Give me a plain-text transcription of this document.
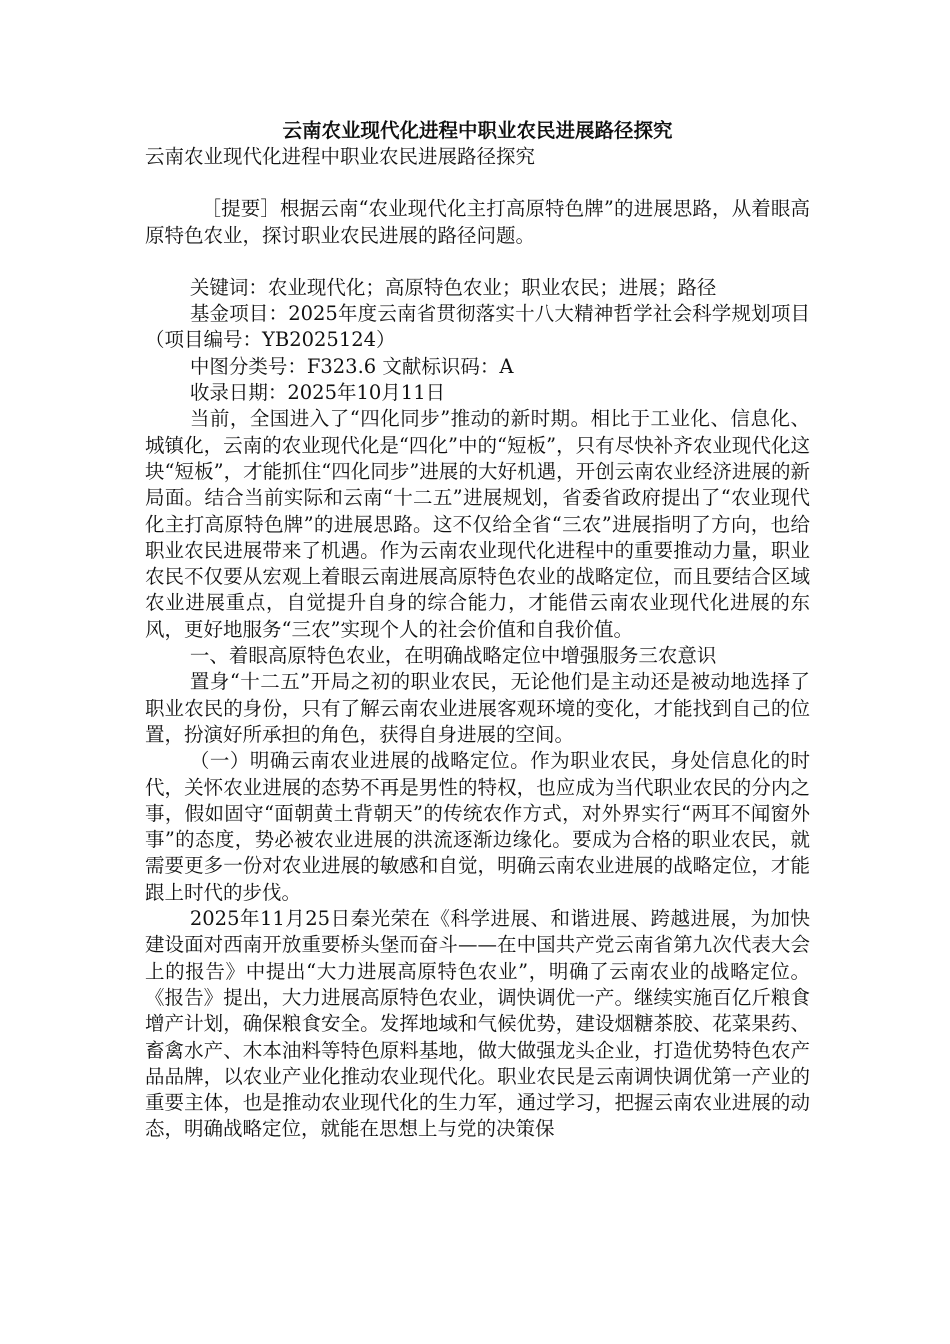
云南农业现代化进程中职业农民进展路径探究

云南农业现代化进程中职业农民进展路径探究

［提要］根据云南“农业现代化主打高原特色牌”的进展思路，从着眼高原特色农业，探讨职业农民进展的路径问题。

关键词：农业现代化；高原特色农业；职业农民；进展；路径

基金项目：2025年度云南省贯彻落实十八大精神哲学社会科学规划项目（项目编号：YB2025124）

中图分类号：F323.6 文献标识码：A

收录日期：2025年10月11日

当前，全国进入了“四化同步”推动的新时期。相比于工业化、信息化、城镇化，云南的农业现代化是“四化”中的“短板”，只有尽快补齐农业现代化这块“短板”，才能抓住“四化同步”进展的大好机遇，开创云南农业经济进展的新局面。结合当前实际和云南“十二五”进展规划，省委省政府提出了“农业现代化主打高原特色牌”的进展思路。这不仅给全省“三农”进展指明了方向，也给职业农民进展带来了机遇。作为云南农业现代化进程中的重要推动力量，职业农民不仅要从宏观上着眼云南进展高原特色农业的战略定位，而且要结合区域农业进展重点，自觉提升自身的综合能力，才能借云南农业现代化进展的东风，更好地服务“三农”实现个人的社会价值和自我价值。

一、着眼高原特色农业，在明确战略定位中增强服务三农意识

置身“十二五”开局之初的职业农民，无论他们是主动还是被动地选择了职业农民的身份，只有了解云南农业进展客观环境的变化，才能找到自己的位置，扮演好所承担的角色，获得自身进展的空间。

（一）明确云南农业进展的战略定位。作为职业农民，身处信息化的时代，关怀农业进展的态势不再是男性的特权，也应成为当代职业农民的分内之事，假如固守“面朝黄土背朝天”的传统农作方式，对外界实行“两耳不闻窗外事”的态度，势必被农业进展的洪流逐渐边缘化。要成为合格的职业农民，就需要更多一份对农业进展的敏感和自觉，明确云南农业进展的战略定位，才能跟上时代的步伐。

2025年11月25日秦光荣在《科学进展、和谐进展、跨越进展，为加快建设面对西南开放重要桥头堡而奋斗——在中国共产党云南省第九次代表大会上的报告》中提出“大力进展高原特色农业”，明确了云南农业的战略定位。《报告》提出，大力进展高原特色农业，调快调优一产。继续实施百亿斤粮食增产计划，确保粮食安全。发挥地域和气候优势，建设烟糖茶胶、花菜果药、畜禽水产、木本油料等特色原料基地，做大做强龙头企业，打造优势特色农产品品牌，以农业产业化推动农业现代化。职业农民是云南调快调优第一产业的重要主体，也是推动农业现代化的生力军，通过学习，把握云南农业进展的动态，明确战略定位，就能在思想上与党的决策保
